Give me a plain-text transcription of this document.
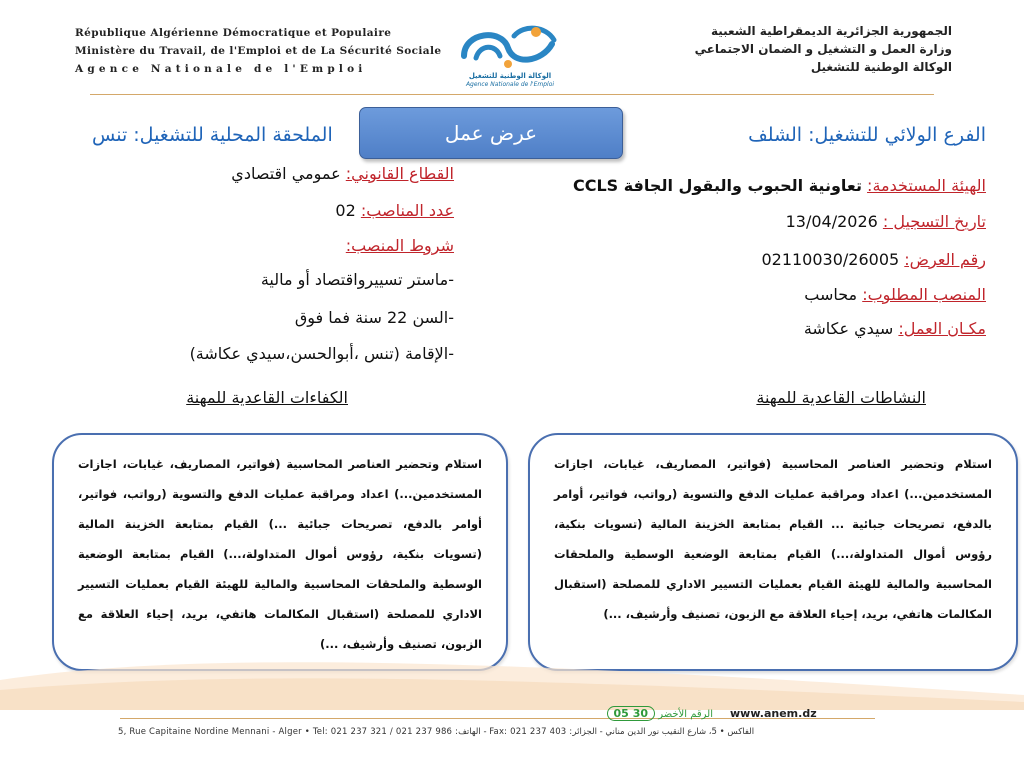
République Algérienne Démocratique et Populaire
Ministère du Travail, de l'Emploi et de La Sécurité Sociale
Agence Nationale de l'Emploi
الوكالة الوطنية للتشغيل
Agence Nationale de l'Emploi
الجمهورية الجزائرية الديمقراطية الشعبية
وزارة العمل و التشغيل و الضمان الاجتماعي
الوكالة الوطنية للتشغيل
عرض عمل	الفرع الولائي للتشغيل: الشلف
الملحقة المحلية للتشغيل: تنس
الهيئة المستخدمة: تعاونية الحبوب والبقول الجافة CCLS
تاريخ التسجيل : 13/04/2026
رقم العرض: 02110030/26005
المنصب المطلوب: محاسب
مكـان العمل: سيدي عكاشة
القطاع القانوني: عمومي اقتصادي
عدد المناصب: 02
شروط المنصب:
-ماستر تسييرواقتصاد أو مالية
-السن 22 سنة فما فوق
-الإقامة (تنس ،أبوالحسن،سيدي عكاشة)
النشاطات القاعدية للمهنة
الكفاءات القاعدية للمهنة
استلام وتحضير العناصر المحاسبية (فواتير، المصاريف، غيابات، اجازات المستخدمين...) اعداد ومراقبة عمليات الدفع والتسوية (رواتب، فواتير، أوامر بالدفع، تصريحات جبائية ... القيام بمتابعة الخزينة المالية (تسويات بنكية، رؤوس أموال المتداولة،...) القيام بمتابعة الوضعية الوسطية والملحقات المحاسبية والمالية للهيئة القيام بعمليات التسيير الاداري للمصلحة (استقبال المكالمات هاتفي، بريد، إحياء العلاقة مع الزبون، تصنيف وأرشيف، ...)
استلام وتحضير العناصر المحاسبية (فواتير، المصاريف، غيابات، اجازات المستخدمين...) اعداد ومراقبة عمليات الدفع والتسوية (رواتب، فواتير، أوامر بالدفع، تصريحات جبائية ...) القيام بمتابعة الخزينة المالية (تسويات بنكية، رؤوس أموال المتداولة،...) القيام بمتابعة الوضعية الوسطية والملحقات المحاسبية والمالية للهيئة القيام بعمليات التسيير الاداري للمصلحة (استقبال المكالمات هاتفي، بريد، إحياء العلاقة مع الزبون، تصنيف وأرشيف، ...)
الرقم الأخضر 30 05	www.anem.dz
5, Rue Capitaine Nordine Mennani - Alger • Tel: 021 237 321 / 021 237 986 :الهاتف - Fax: 021 237 403 :الفاكس • 5، شارع النقيب نور الدين مناني - الجزائر
